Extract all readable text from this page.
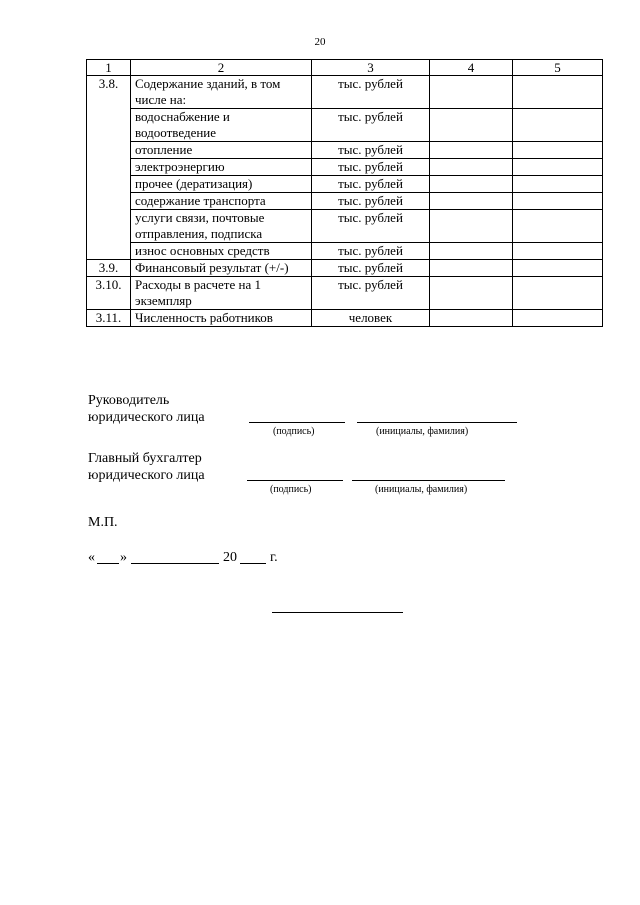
20
1	2	3	4	5
3.8.	Содержание зданий, в том числе на:	тыс. рублей		
	водоснабжение и водоотведение	тыс. рублей		
	отопление	тыс. рублей		
	электроэнергию	тыс. рублей		
	прочее (дератизация)	тыс. рублей		
	содержание транспорта	тыс. рублей		
	услуги связи, почтовые отправления, подписка	тыс. рублей		
	износ основных средств	тыс. рублей		
3.9.	Финансовый результат (+/-)	тыс. рублей		
3.10.	Расходы в расчете на 1 экземпляр	тыс. рублей		
3.11.	Численность работников	человек		
Руководитель
юридического лица
(подпись)	(инициалы, фамилия)
Главный бухгалтер
юридического лица
(подпись)	(инициалы, фамилия)
М.П.
« »	20 г.
